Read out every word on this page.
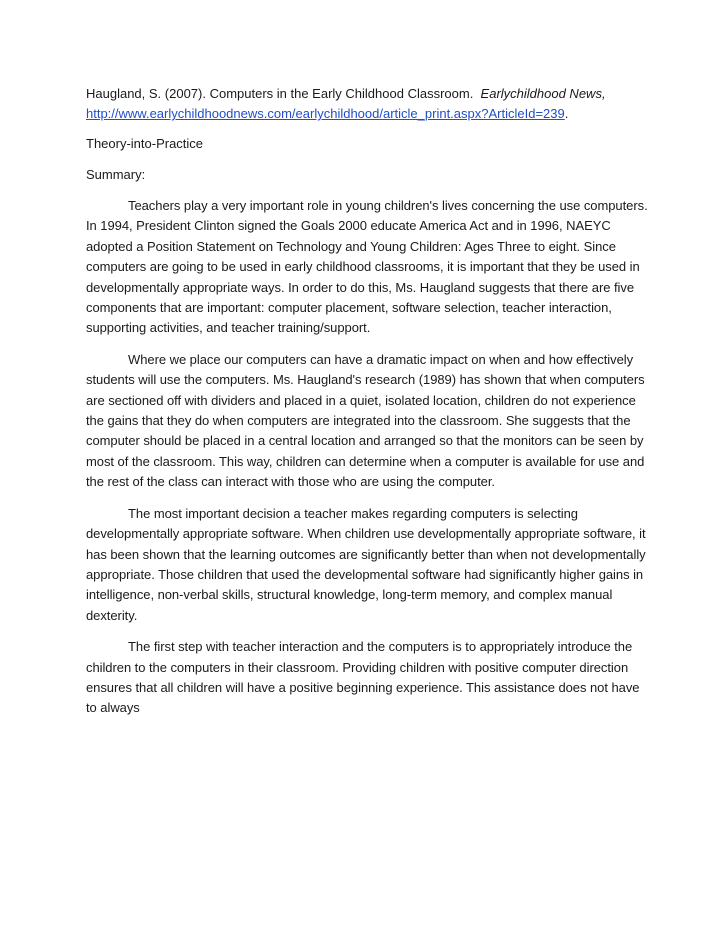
Haugland, S. (2007). Computers in the Early Childhood Classroom. Earlychildhood News,
http://www.earlychildhoodnews.com/earlychildhood/article_print.aspx?ArticleId=239.

Theory-into-Practice

Summary:

Teachers play a very important role in young children's lives concerning the use computers. In 1994, President Clinton signed the Goals 2000 educate America Act and in 1996, NAEYC adopted a Position Statement on Technology and Young Children: Ages Three to eight. Since computers are going to be used in early childhood classrooms, it is important that they be used in developmentally appropriate ways. In order to do this, Ms. Haugland suggests that there are five components that are important: computer placement, software selection, teacher interaction, supporting activities, and teacher training/support.

Where we place our computers can have a dramatic impact on when and how effectively students will use the computers. Ms. Haugland's research (1989) has shown that when computers are sectioned off with dividers and placed in a quiet, isolated location, children do not experience the gains that they do when computers are integrated into the classroom. She suggests that the computer should be placed in a central location and arranged so that the monitors can be seen by most of the classroom. This way, children can determine when a computer is available for use and the rest of the class can interact with those who are using the computer.

The most important decision a teacher makes regarding computers is selecting developmentally appropriate software. When children use developmentally appropriate software, it has been shown that the learning outcomes are significantly better than when not developmentally appropriate. Those children that used the developmental software had significantly higher gains in intelligence, non-verbal skills, structural knowledge, long-term memory, and complex manual dexterity.

The first step with teacher interaction and the computers is to appropriately introduce the children to the computers in their classroom. Providing children with positive computer direction ensures that all children will have a positive beginning experience. This assistance does not have to always
